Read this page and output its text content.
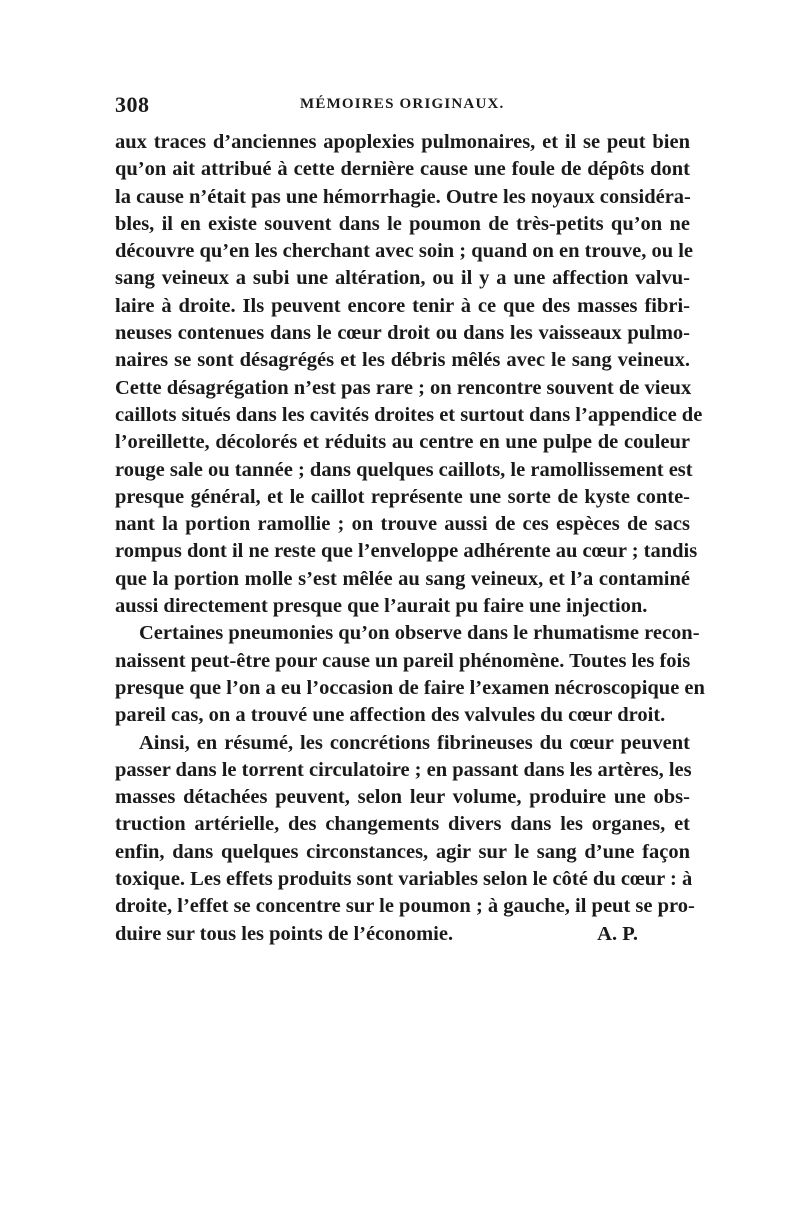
308	MÉMOIRES ORIGINAUX.
aux traces d’anciennes apoplexies pulmonaires, et il se peut bien
qu’on ait attribué à cette dernière cause une foule de dépôts dont
la cause n’était pas une hémorrhagie. Outre les noyaux considéra-
bles, il en existe souvent dans le poumon de très-petits qu’on ne
découvre qu’en les cherchant avec soin ; quand on en trouve, ou le
sang veineux a subi une altération, ou il y a une affection valvu-
laire à droite. Ils peuvent encore tenir à ce que des masses fibri-
neuses contenues dans le cœur droit ou dans les vaisseaux pulmo-
naires se sont désagrégés et les débris mêlés avec le sang veineux.
Cette désagrégation n’est pas rare ; on rencontre souvent de vieux
caillots situés dans les cavités droites et surtout dans l’appendice de
l’oreillette, décolorés et réduits au centre en une pulpe de couleur
rouge sale ou tannée ; dans quelques caillots, le ramollissement est
presque général, et le caillot représente une sorte de kyste conte-
nant la portion ramollie ; on trouve aussi de ces espèces de sacs
rompus dont il ne reste que l’enveloppe adhérente au cœur ; tandis
que la portion molle s’est mêlée au sang veineux, et l’a contaminé
aussi directement presque que l’aurait pu faire une injection.
Certaines pneumonies qu’on observe dans le rhumatisme recon-
naissent peut-être pour cause un pareil phénomène. Toutes les fois
presque que l’on a eu l’occasion de faire l’examen nécroscopique en
pareil cas, on a trouvé une affection des valvules du cœur droit.
Ainsi, en résumé, les concrétions fibrineuses du cœur peuvent
passer dans le torrent circulatoire ; en passant dans les artères, les
masses détachées peuvent, selon leur volume, produire une obs-
truction artérielle, des changements divers dans les organes, et
enfin, dans quelques circonstances, agir sur le sang d’une façon
toxique. Les effets produits sont variables selon le côté du cœur : à
droite, l’effet se concentre sur le poumon ; à gauche, il peut se pro-
duire sur tous les points de l’économie.	A. P.
